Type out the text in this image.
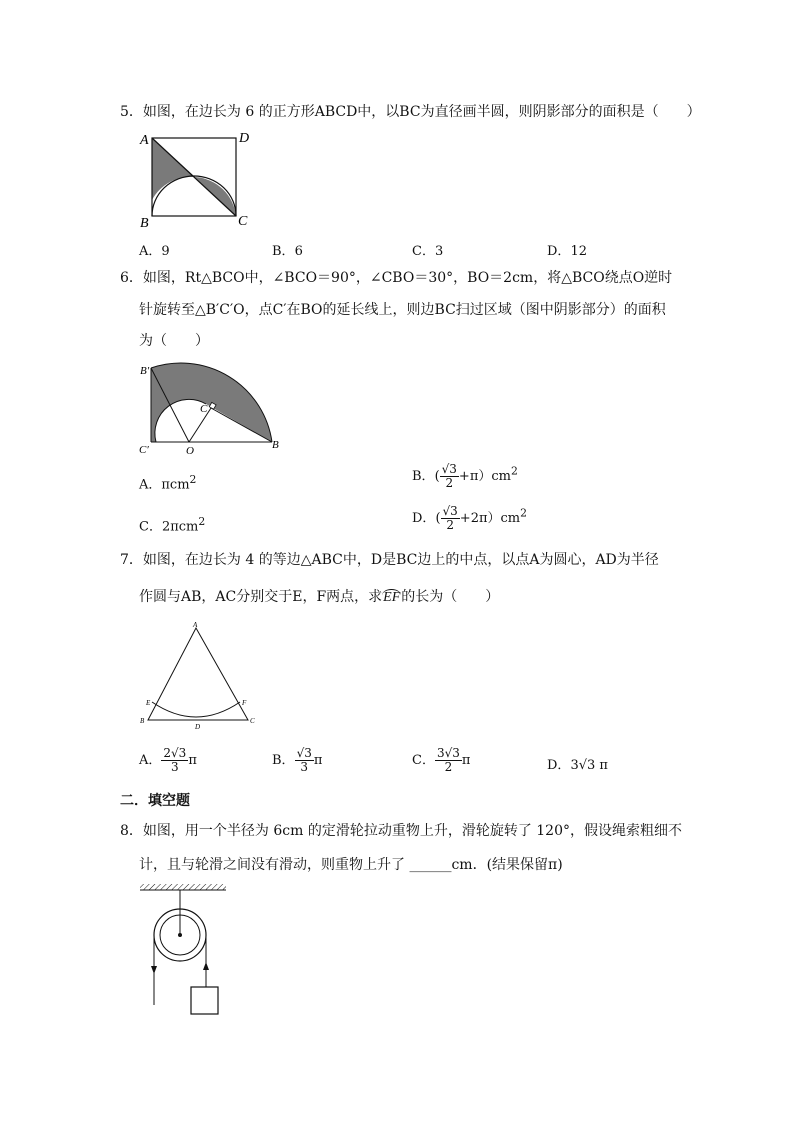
5．如图，在边长为 6 的正方形ABCD中，以BC为直径画半圆，则阴影部分的面积是（　　）
A	D
B	C
A．9	B．6	C．3	D．12
6．如图，Rt△BCO中，∠BCO＝90°，∠CBO＝30°，BO＝2cm，将△BCO绕点O逆时
针旋转至△B′C′O，点C′在BO的延长线上，则边BC扫过区域（图中阴影部分）的面积
为（　　）
B′
C′	O
C
B
A．πcm$^2$	B．( $\frac{√3}{2} +\pi)cm^2$
C．2πcm$^2$	D．( $\frac{√3}{2} +2\pi)cm^2$
7．如图，在边长为 4 的等边△ABC中，D是BC边上的中点，以点A为圆心，AD为半径
作圆与AB，AC分别交于E，F两点，求EF的长为（　　）
A
E	F
B
D
C
A． $\frac{2√3}{3}$ π	B． $\frac{√3}{3}$ π	C． $\frac{3√3}{2}$ π	D．3√3 π
二．填空题
8．如图，用一个半径为 6cm 的定滑轮拉动重物上升，滑轮旋转了 120°，假设绳索粗细不
计，且与轮滑之间没有滑动，则重物上升了 ______cm．(结果保留π)
